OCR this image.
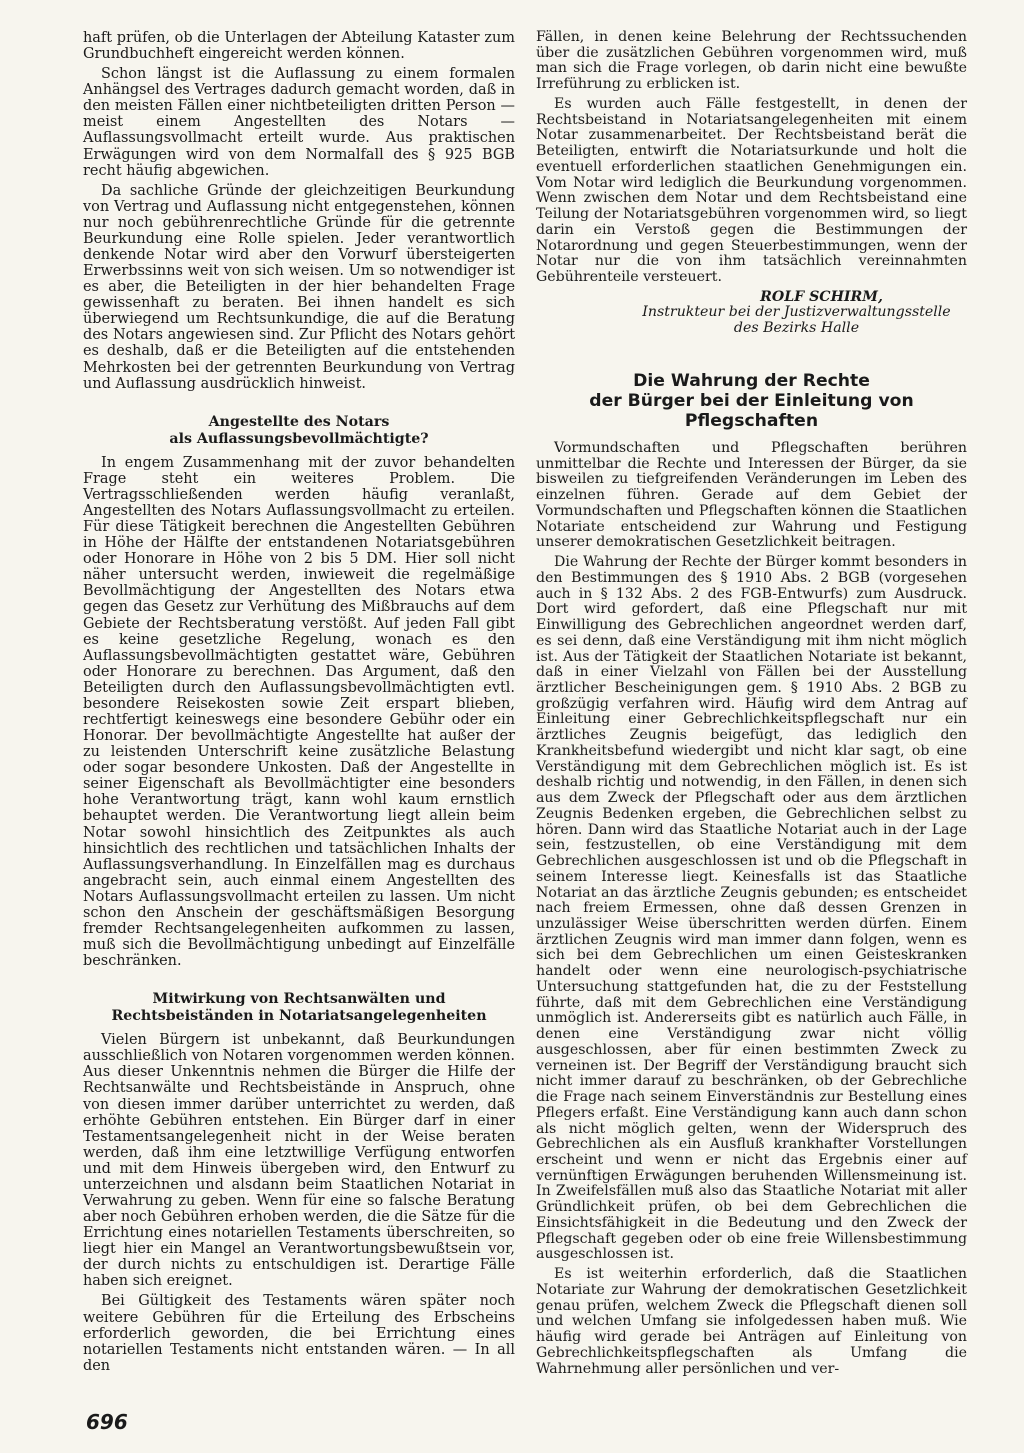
haft prüfen, ob die Unterlagen der Abteilung Kataster zum Grundbuchheft eingereicht werden können.

Schon längst ist die Auflassung zu einem formalen Anhängsel des Vertrages dadurch gemacht worden, daß in den meisten Fällen einer nichtbeteiligten dritten Person — meist einem Angestellten des Notars — Auflassungsvollmacht erteilt wurde. Aus praktischen Erwägungen wird von dem Normalfall des § 925 BGB recht häufig abgewichen.

Da sachliche Gründe der gleichzeitigen Beurkundung von Vertrag und Auflassung nicht entgegenstehen, können nur noch gebührenrechtliche Gründe für die getrennte Beurkundung eine Rolle spielen. Jeder verantwortlich denkende Notar wird aber den Vorwurf übersteigerten Erwerbssinns weit von sich weisen. Um so notwendiger ist es aber, die Beteiligten in der hier behandelten Frage gewissenhaft zu beraten. Bei ihnen handelt es sich überwiegend um Rechtsunkundige, die auf die Beratung des Notars angewiesen sind. Zur Pflicht des Notars gehört es deshalb, daß er die Beteiligten auf die entstehenden Mehrkosten bei der getrennten Beurkundung von Vertrag und Auflassung ausdrücklich hinweist.

Angestellte des Notars
als Auflassungsbevollmächtigte?

In engem Zusammenhang mit der zuvor behandelten Frage steht ein weiteres Problem. Die Vertragsschließenden werden häufig veranlaßt, Angestellten des Notars Auflassungsvollmacht zu erteilen. Für diese Tätigkeit berechnen die Angestellten Gebühren in Höhe der Hälfte der entstandenen Notariatsgebühren oder Honorare in Höhe von 2 bis 5 DM. Hier soll nicht näher untersucht werden, inwieweit die regelmäßige Bevollmächtigung der Angestellten des Notars etwa gegen das Gesetz zur Verhütung des Mißbrauchs auf dem Gebiete der Rechtsberatung verstößt. Auf jeden Fall gibt es keine gesetzliche Regelung, wonach es den Auflassungsbevollmächtigten gestattet wäre, Gebühren oder Honorare zu berechnen. Das Argument, daß den Beteiligten durch den Auflassungsbevollmächtigten evtl. besondere Reisekosten sowie Zeit erspart blieben, rechtfertigt keineswegs eine besondere Gebühr oder ein Honorar. Der bevollmächtigte Angestellte hat außer der zu leistenden Unterschrift keine zusätzliche Belastung oder sogar besondere Unkosten. Daß der Angestellte in seiner Eigenschaft als Bevollmächtigter eine besonders hohe Verantwortung trägt, kann wohl kaum ernstlich behauptet werden. Die Verantwortung liegt allein beim Notar sowohl hinsichtlich des Zeitpunktes als auch hinsichtlich des rechtlichen und tatsächlichen Inhalts der Auflassungsverhandlung. In Einzelfällen mag es durchaus angebracht sein, auch einmal einem Angestellten des Notars Auflassungsvollmacht erteilen zu lassen. Um nicht schon den Anschein der geschäftsmäßigen Besorgung fremder Rechtsangelegenheiten aufkommen zu lassen, muß sich die Bevollmächtigung unbedingt auf Einzelfälle beschränken.

Mitwirkung von Rechtsanwälten und
Rechtsbeiständen in Notariatsangelegenheiten

Vielen Bürgern ist unbekannt, daß Beurkundungen ausschließlich von Notaren vorgenommen werden können. Aus dieser Unkenntnis nehmen die Bürger die Hilfe der Rechtsanwälte und Rechtsbeistände in Anspruch, ohne von diesen immer darüber unterrichtet zu werden, daß erhöhte Gebühren entstehen. Ein Bürger darf in einer Testamentsangelegenheit nicht in der Weise beraten werden, daß ihm eine letztwillige Verfügung entworfen und mit dem Hinweis übergeben wird, den Entwurf zu unterzeichnen und alsdann beim Staatlichen Notariat in Verwahrung zu geben. Wenn für eine so falsche Beratung aber noch Gebühren erhoben werden, die die Sätze für die Errichtung eines notariellen Testaments überschreiten, so liegt hier ein Mangel an Verantwortungsbewußtsein vor, der durch nichts zu entschuldigen ist. Derartige Fälle haben sich ereignet.

Bei Gültigkeit des Testaments wären später noch weitere Gebühren für die Erteilung des Erbscheins erforderlich geworden, die bei Errichtung eines notariellen Testaments nicht entstanden wären. — In all den

Fällen, in denen keine Belehrung der Rechtssuchenden über die zusätzlichen Gebühren vorgenommen wird, muß man sich die Frage vorlegen, ob darin nicht eine bewußte Irreführung zu erblicken ist.

Es wurden auch Fälle festgestellt, in denen der Rechtsbeistand in Notariatsangelegenheiten mit einem Notar zusammenarbeitet. Der Rechtsbeistand berät die Beteiligten, entwirft die Notariatsurkunde und holt die eventuell erforderlichen staatlichen Genehmigungen ein. Vom Notar wird lediglich die Beurkundung vorgenommen. Wenn zwischen dem Notar und dem Rechtsbeistand eine Teilung der Notariatsgebühren vorgenommen wird, so liegt darin ein Verstoß gegen die Bestimmungen der Notarordnung und gegen Steuerbestimmungen, wenn der Notar nur die von ihm tatsächlich vereinnahmten Gebührenteile versteuert.

ROLF SCHIRM,
Instrukteur bei der Justizverwaltungsstelle
des Bezirks Halle
Die Wahrung der Rechte
der Bürger bei der Einleitung von Pflegschaften

Vormundschaften und Pflegschaften berühren unmittelbar die Rechte und Interessen der Bürger, da sie bisweilen zu tiefgreifenden Veränderungen im Leben des einzelnen führen. Gerade auf dem Gebiet der Vormundschaften und Pflegschaften können die Staatlichen Notariate entscheidend zur Wahrung und Festigung unserer demokratischen Gesetzlichkeit beitragen.

Die Wahrung der Rechte der Bürger kommt besonders in den Bestimmungen des § 1910 Abs. 2 BGB (vorgesehen auch in § 132 Abs. 2 des FGB-Entwurfs) zum Ausdruck. Dort wird gefordert, daß eine Pflegschaft nur mit Einwilligung des Gebrechlichen angeordnet werden darf, es sei denn, daß eine Verständigung mit ihm nicht möglich ist. Aus der Tätigkeit der Staatlichen Notariate ist bekannt, daß in einer Vielzahl von Fällen bei der Ausstellung ärztlicher Bescheinigungen gem. § 1910 Abs. 2 BGB zu großzügig verfahren wird. Häufig wird dem Antrag auf Einleitung einer Gebrechlichkeitspflegschaft nur ein ärztliches Zeugnis beigefügt, das lediglich den Krankheitsbefund wiedergibt und nicht klar sagt, ob eine Verständigung mit dem Gebrechlichen möglich ist. Es ist deshalb richtig und notwendig, in den Fällen, in denen sich aus dem Zweck der Pflegschaft oder aus dem ärztlichen Zeugnis Bedenken ergeben, die Gebrechlichen selbst zu hören. Dann wird das Staatliche Notariat auch in der Lage sein, festzustellen, ob eine Verständigung mit dem Gebrechlichen ausgeschlossen ist und ob die Pflegschaft in seinem Interesse liegt. Keinesfalls ist das Staatliche Notariat an das ärztliche Zeugnis gebunden; es entscheidet nach freiem Ermessen, ohne daß dessen Grenzen in unzulässiger Weise überschritten werden dürfen. Einem ärztlichen Zeugnis wird man immer dann folgen, wenn es sich bei dem Gebrechlichen um einen Geisteskranken handelt oder wenn eine neurologisch-psychiatrische Untersuchung stattgefunden hat, die zu der Feststellung führte, daß mit dem Gebrechlichen eine Verständigung unmöglich ist. Andererseits gibt es natürlich auch Fälle, in denen eine Verständigung zwar nicht völlig ausgeschlossen, aber für einen bestimmten Zweck zu verneinen ist. Der Begriff der Verständigung braucht sich nicht immer darauf zu beschränken, ob der Gebrechliche die Frage nach seinem Einverständnis zur Bestellung eines Pflegers erfaßt. Eine Verständigung kann auch dann schon als nicht möglich gelten, wenn der Widerspruch des Gebrechlichen als ein Ausfluß krankhafter Vorstellungen erscheint und wenn er nicht das Ergebnis einer auf vernünftigen Erwägungen beruhenden Willensmeinung ist. In Zweifelsfällen muß also das Staatliche Notariat mit aller Gründlichkeit prüfen, ob bei dem Gebrechlichen die Einsichtsfähigkeit in die Bedeutung und den Zweck der Pflegschaft gegeben oder ob eine freie Willensbestimmung ausgeschlossen ist.

Es ist weiterhin erforderlich, daß die Staatlichen Notariate zur Wahrung der demokratischen Gesetzlichkeit genau prüfen, welchem Zweck die Pflegschaft dienen soll und welchen Umfang sie infolgedessen haben muß. Wie häufig wird gerade bei Anträgen auf Einleitung von Gebrechlichkeitspflegschaften als Umfang die Wahrnehmung aller persönlichen und ver-

696
